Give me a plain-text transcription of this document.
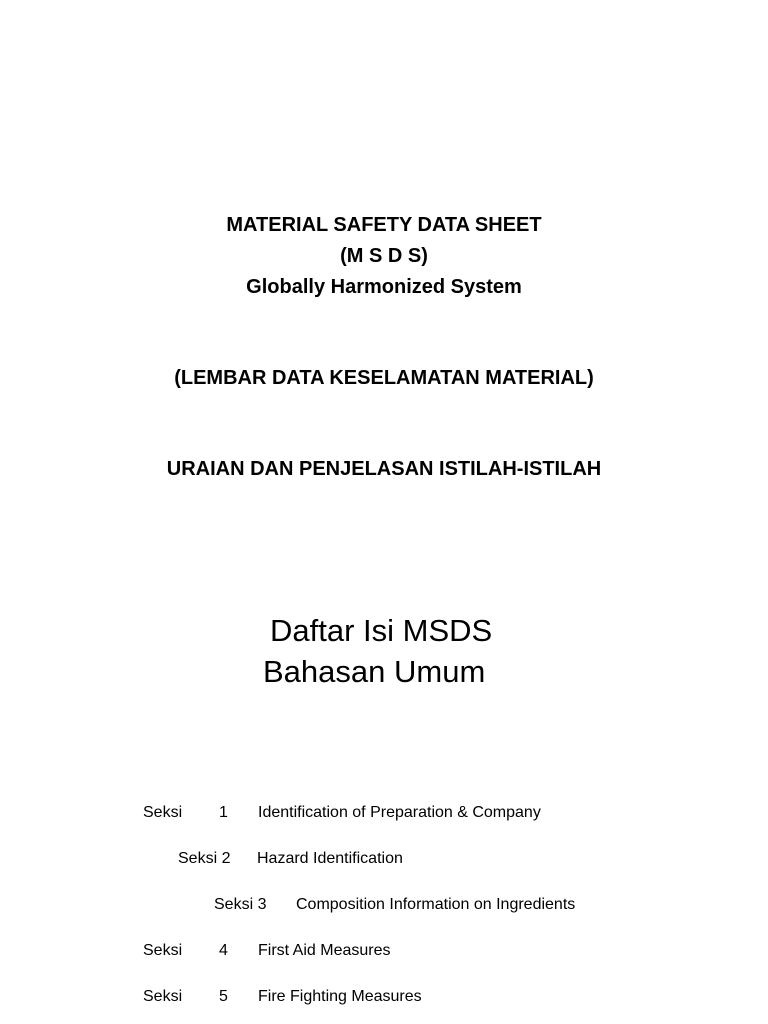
MATERIAL SAFETY DATA SHEET
(M S D S)
Globally Harmonized System
(LEMBAR DATA KESELAMATAN MATERIAL)
URAIAN DAN PENJELASAN ISTILAH-ISTILAH
Daftar Isi MSDS
Bahasan Umum
Seksi 1 Identification of Preparation & Company
Seksi 2 Hazard Identification
Seksi 3 Composition Information on Ingredients
Seksi 4 First Aid Measures
Seksi 5 Fire Fighting Measures
